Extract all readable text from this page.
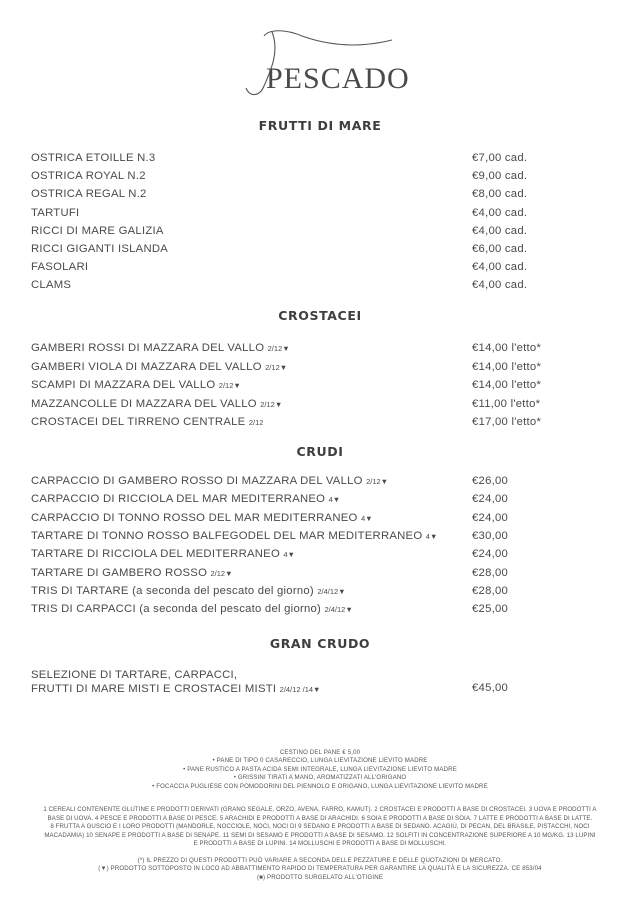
PESCADO
FRUTTI DI MARE
OSTRICA ETOILLE N.3	€7,00 cad.
OSTRICA ROYAL N.2	€9,00 cad.
OSTRICA REGAL N.2	€8,00 cad.
TARTUFI	€4,00 cad.
RICCI DI MARE GALIZIA	€4,00 cad.
RICCI GIGANTI ISLANDA	€6,00 cad.
FASOLARI	€4,00 cad.
CLAMS	€4,00 cad.
CROSTACEI
GAMBERI ROSSI DI MAZZARA DEL VALLO 2/12▼	€14,00 l'etto*
GAMBERI VIOLA DI MAZZARA DEL VALLO 2/12▼	€14,00 l'etto*
SCAMPI DI MAZZARA DEL VALLO 2/12▼	€14,00 l'etto*
MAZZANCOLLE DI MAZZARA DEL VALLO 2/12▼	€11,00 l'etto*
CROSTACEI DEL TIRRENO CENTRALE 2/12	€17,00 l'etto*
CRUDI
CARPACCIO DI GAMBERO ROSSO DI MAZZARA DEL VALLO 2/12▼	€26,00
CARPACCIO DI RICCIOLA DEL MAR MEDITERRANEO 4▼	€24,00
CARPACCIO DI TONNO ROSSO DEL MAR MEDITERRANEO 4▼	€24,00
TARTARE DI TONNO ROSSO BALFEGODEL DEL MAR MEDITERRANEO 4▼	€30,00
TARTARE DI RICCIOLA DEL MEDITERRANEO 4▼	€24,00
TARTARE DI GAMBERO ROSSO 2/12▼	€28,00
TRIS DI TARTARE (a seconda del pescato del giorno) 2/4/12▼	€28,00
TRIS DI CARPACCI (a seconda del pescato del giorno) 2/4/12▼	€25,00
GRAN CRUDO
SELEZIONE DI TARTARE, CARPACCI,
FRUTTI DI MARE MISTI E CROSTACEI MISTI 2/4/12 /14▼	€45,00
CESTINO DEL PANE € 5,00
• PANE DI TIPO 0 CASARECCIO, LUNGA LIEVITAZIONE LIEVITO MADRE
• PANE RUSTICO A PASTA ACIDA SEMI INTEGRALE, LUNGA LIEVITAZIONE LIEVITO MADRE
• GRISSINI TIRATI A MANO, AROMATIZZATI ALL'ORIGANO
• FOCACCIA PUGLIESE CON POMODORINI DEL PIENNOLO E ORIGANO, LUNGA LIEVITAZIONE LIEVITO MADRE
1 CEREALI CONTENENTE GLUTINE E PRODOTTI DERIVATI (GRANO SEGALE, ORZO, AVENA, FARRO, KAMUT). 2 CROSTACEI E PRODOTTI A BASE DI CROSTACEI. 3 UOVA E PRODOTTI A
BASE DI UOVA. 4 PESCE E PRODOTTI A BASE DI PESCE. 5 ARACHIDI E PRODOTTI A BASE DI ARACHIDI. 6 SOIA E PRODOTTI A BASE DI SOIA. 7 LATTE E PRODOTTI A BASE DI LATTE.
8 FRUTTA A GUSCIO E I LORO PRODOTTI (MANDORLE, NOCCIOLE, NOCI, NOCI DI 9 SEDANO E PRODOTTI A BASE DI SEDANO. ACAGIÙ, DI PECAN, DEL BRASILE, PISTACCHI, NOCI
MACADAMIA) 10 SENAPE E PRODOTTI A BASE DI SENAPE. 11 SEMI DI SESAMO E PRODOTTI A BASE DI SESAMO. 12 SOLFITI IN CONCENTRAZIONE SUPERIORE A 10 MG/KG. 13 LUPINI
E PRODOTTI A BASE DI LUPINI. 14 MOLLUSCHI E PRODOTTI A BASE DI MOLLUSCHI.
(*) IL PREZZO DI QUESTI PRODOTTI PUÒ VARIARE A SECONDA DELLE PEZZATURE E DELLE QUOTAZIONI DI MERCATO.
(▼) PRODOTTO SOTTOPOSTO IN LOCO AD ABBATTIMENTO RAPIDO DI TEMPERATURA PER GARANTIRE LA QUALITÀ E LA SICUREZZA. CE 853/04
(■) PRODOTTO SURGELATO ALL'OTIGINE
